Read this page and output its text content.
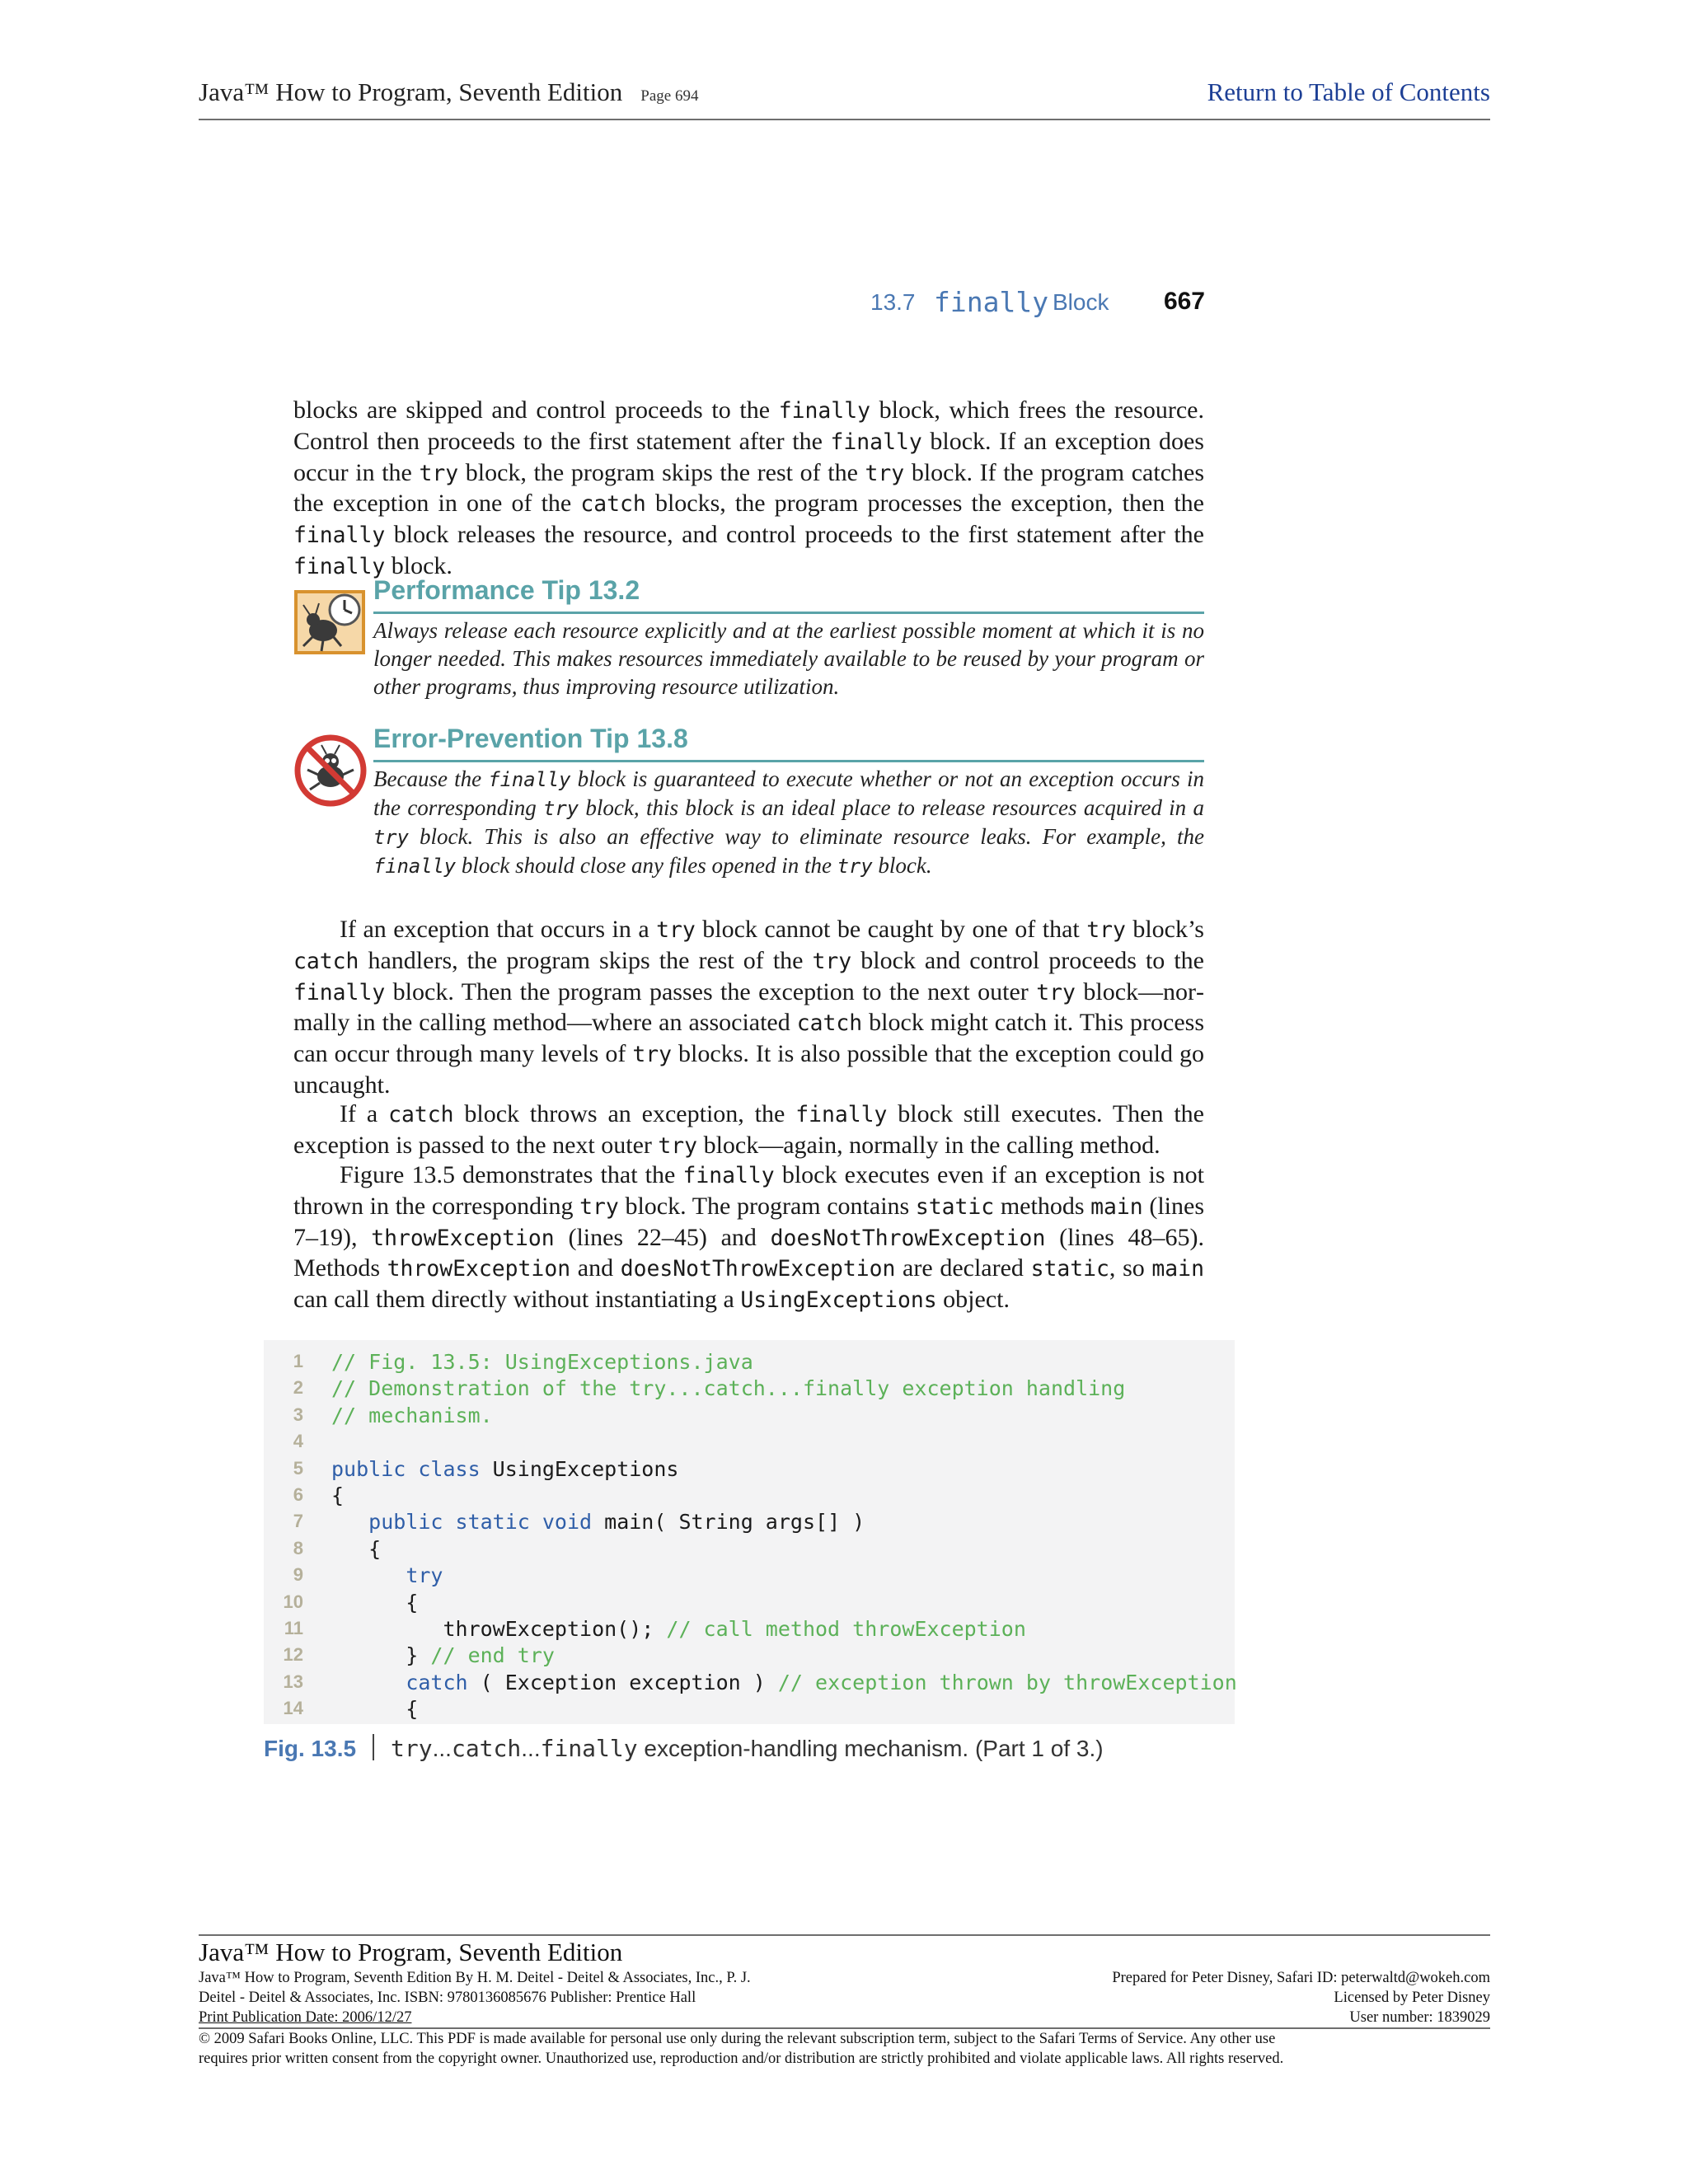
Java™ How to Program, Seventh Edition Page 694	Return to Table of Contents
13.7 finally Block 667

blocks are skipped and control proceeds to the finally block, which frees the resource. Control then proceeds to the first statement after the finally block. If an exception does occur in the try block, the program skips the rest of the try block. If the program catches the exception in one of the catch blocks, the program processes the exception, then the finally block releases the resource, and control proceeds to the first statement after the finally block.

Performance Tip 13.2
Always release each resource explicitly and at the earliest possible moment at which it is no longer needed. This makes resources immediately available to be reused by your program or other programs, thus improving resource utilization.
Error-Prevention Tip 13.8
Because the finally block is guaranteed to execute whether or not an exception occurs in the corresponding try block, this block is an ideal place to release resources acquired in a try block. This is also an effective way to eliminate resource leaks. For example, the finally block should close any files opened in the try block.

If an exception that occurs in a try block cannot be caught by one of that try block’s catch handlers, the program skips the rest of the try block and control proceeds to the finally block. Then the program passes the exception to the next outer try block—normally in the calling method—where an associated catch block might catch it. This process can occur through many levels of try blocks. It is also possible that the exception could go uncaught.

If a catch block throws an exception, the finally block still executes. Then the exception is passed to the next outer try block—again, normally in the calling method.

Figure 13.5 demonstrates that the finally block executes even if an exception is not thrown in the corresponding try block. The program contains static methods main (lines 7–19), throwException (lines 22–45) and doesNotThrowException (lines 48–65). Methods throwException and doesNotThrowException are declared static, so main can call them directly without instantiating a UsingExceptions object.

1 // Fig. 13.5: UsingExceptions.java
2 // Demonstration of the try...catch...finally exception handling
3 // mechanism.
4
5 public class UsingExceptions
6 {
7	public static void main( String args[] )
8 {
9	try
10 {
11 throwException(); // call method throwException
12 } // end try
13	catch ( Exception exception ) // exception thrown by throwException
14 {
Fig. 13.5 try...catch...finally exception-handling mechanism. (Part 1 of 3.)
Java™ How to Program, Seventh Edition
Java™ How to Program, Seventh Edition By H. M. Deitel - Deitel & Associates, Inc., P. J.
Deitel - Deitel & Associates, Inc. ISBN: 9780136085676 Publisher: Prentice Hall
Print Publication Date: 2006/12/27
Prepared for Peter Disney, Safari ID: peterwaltd@wokeh.com
Licensed by Peter Disney
User number: 1839029
© 2009 Safari Books Online, LLC. This PDF is made available for personal use only during the relevant subscription term, subject to the Safari Terms of Service. Any other use
requires prior written consent from the copyright owner. Unauthorized use, reproduction and/or distribution are strictly prohibited and violate applicable laws. All rights reserved.
